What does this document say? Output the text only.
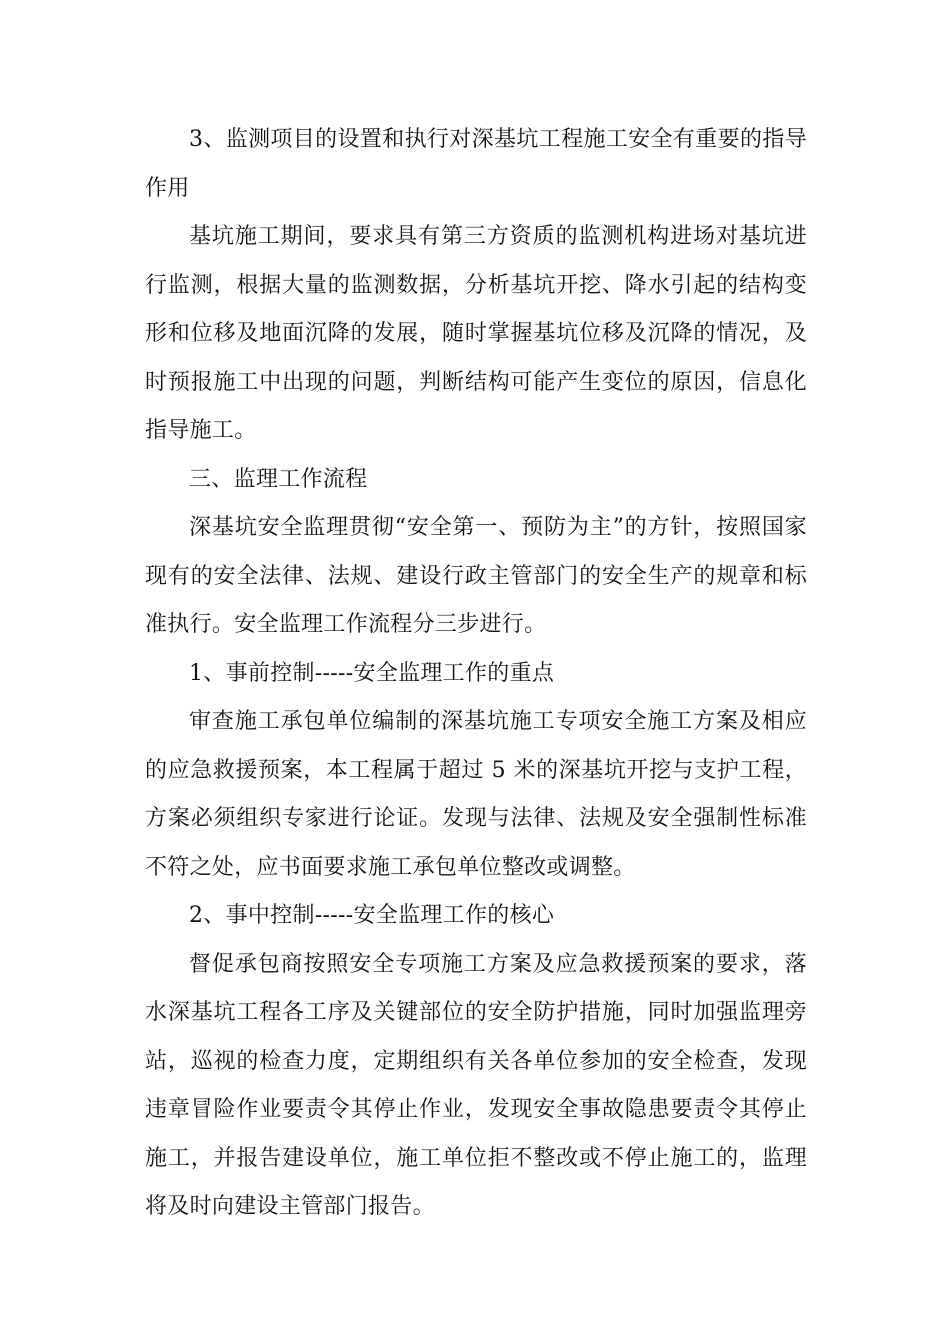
3、监测项目的设置和执行对深基坑工程施工安全有重要的指导作用

基坑施工期间，要求具有第三方资质的监测机构进场对基坑进行监测，根据大量的监测数据，分析基坑开挖、降水引起的结构变形和位移及地面沉降的发展，随时掌握基坑位移及沉降的情况，及时预报施工中出现的问题，判断结构可能产生变位的原因，信息化指导施工。

三、监理工作流程

深基坑安全监理贯彻“安全第一、预防为主”的方针，按照国家现有的安全法律、法规、建设行政主管部门的安全生产的规章和标准执行。安全监理工作流程分三步进行。

1、事前控制-----安全监理工作的重点

审查施工承包单位编制的深基坑施工专项安全施工方案及相应的应急救援预案，本工程属于超过 5 米的深基坑开挖与支护工程，方案必须组织专家进行论证。发现与法律、法规及安全强制性标准不符之处，应书面要求施工承包单位整改或调整。

2、事中控制-----安全监理工作的核心

督促承包商按照安全专项施工方案及应急救援预案的要求，落水深基坑工程各工序及关键部位的安全防护措施，同时加强监理旁站，巡视的检查力度，定期组织有关各单位参加的安全检查，发现违章冒险作业要责令其停止作业，发现安全事故隐患要责令其停止施工，并报告建设单位，施工单位拒不整改或不停止施工的，监理将及时向建设主管部门报告。
